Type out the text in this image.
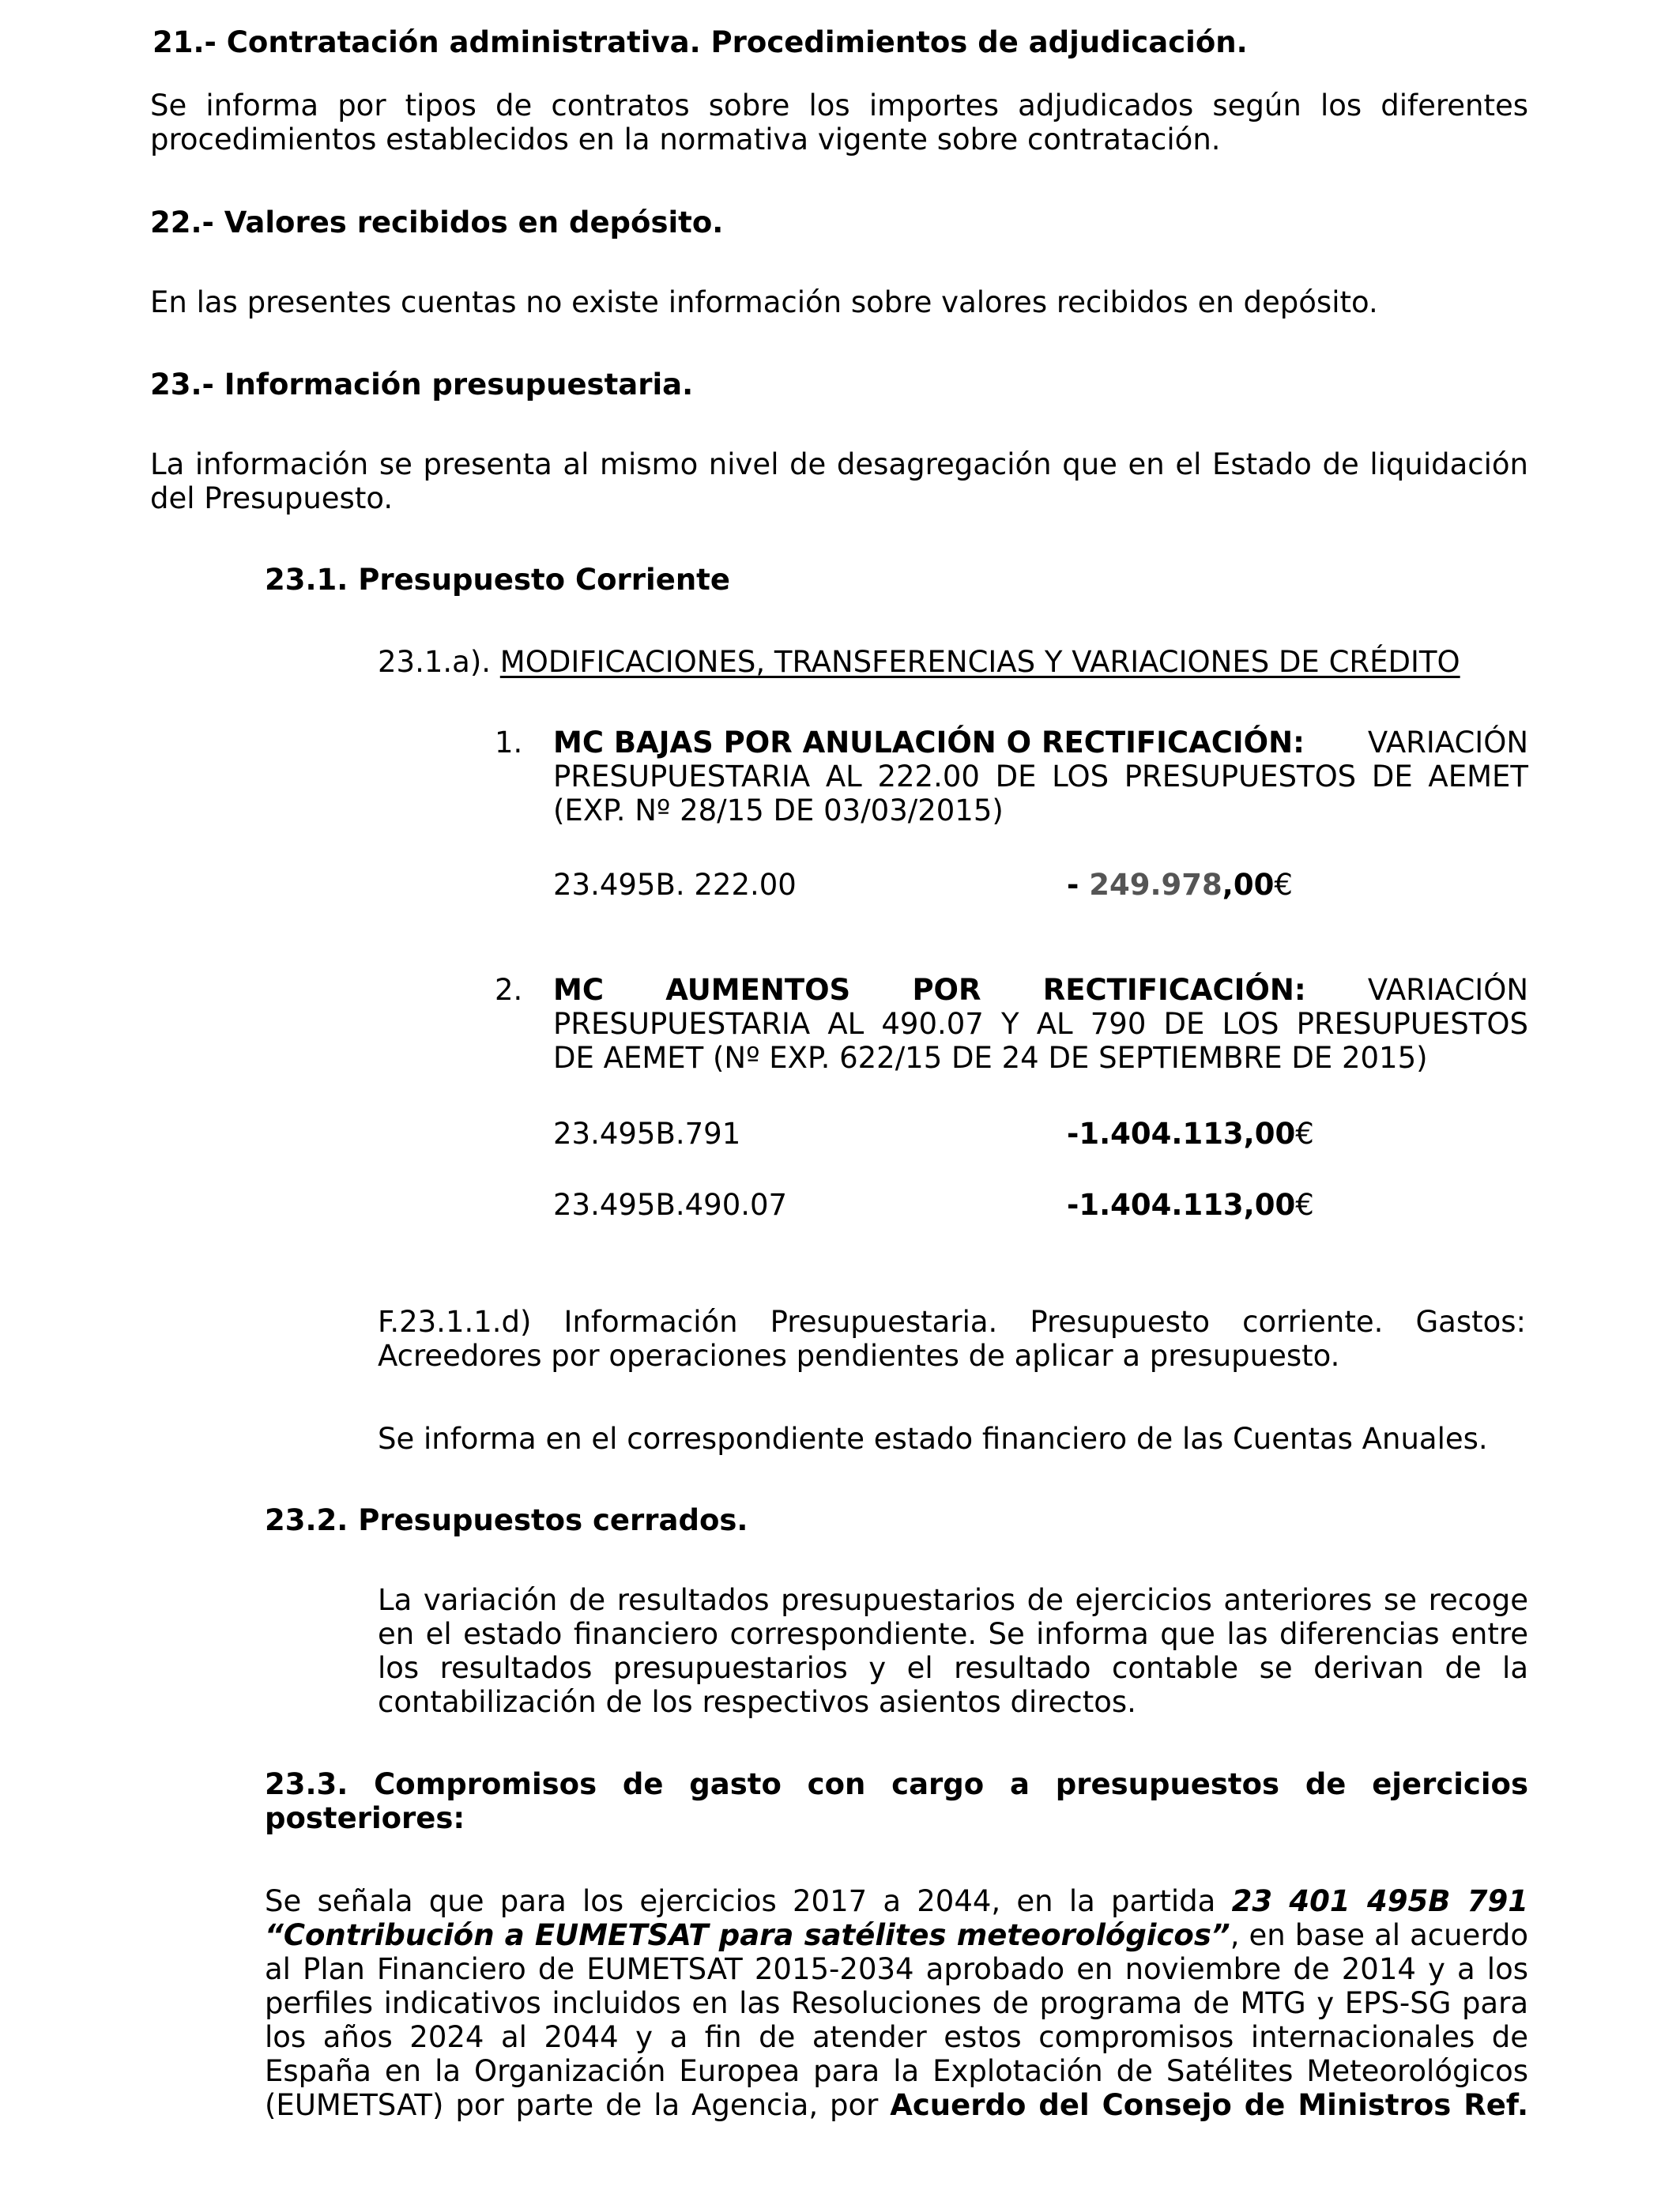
21.- Contratación administrativa. Procedimientos de adjudicación.
Se informa por tipos de contratos sobre los importes adjudicados según los diferentes
procedimientos establecidos en la normativa vigente sobre contratación.
22.- Valores recibidos en depósito.
En las presentes cuentas no existe información sobre valores recibidos en depósito.
23.- Información presupuestaria.
La información se presenta al mismo nivel de desagregación que en el Estado de liquidación
del Presupuesto.
23.1. Presupuesto Corriente
23.1.a). MODIFICACIONES, TRANSFERENCIAS Y VARIACIONES DE CRÉDITO
1. MC BAJAS POR ANULACIÓN O RECTIFICACIÓN: VARIACIÓN
PRESUPUESTARIA AL 222.00 DE LOS PRESUPUESTOS DE AEMET
(EXP. Nº 28/15 DE 03/03/2015)
23.495B. 222.00	- 249.978,00€
2. MC AUMENTOS POR RECTIFICACIÓN: VARIACIÓN
PRESUPUESTARIA AL 490.07 Y AL 790 DE LOS PRESUPUESTOS
DE AEMET (Nº EXP. 622/15 DE 24 DE SEPTIEMBRE DE 2015)
23.495B.791	-1.404.113,00€
23.495B.490.07	-1.404.113,00€
F.23.1.1.d) Información Presupuestaria. Presupuesto corriente. Gastos:
Acreedores por operaciones pendientes de aplicar a presupuesto.
Se informa en el correspondiente estado financiero de las Cuentas Anuales.
23.2. Presupuestos cerrados.
La variación de resultados presupuestarios de ejercicios anteriores se recoge
en el estado financiero correspondiente. Se informa que las diferencias entre
los resultados presupuestarios y el resultado contable se derivan de la
contabilización de los respectivos asientos directos.
23.3. Compromisos de gasto con cargo a presupuestos de ejercicios
posteriores:
Se señala que para los ejercicios 2017 a 2044, en la partida 23 401 495B 791
“Contribución a EUMETSAT para satélites meteorológicos”, en base al acuerdo
al Plan Financiero de EUMETSAT 2015-2034 aprobado en noviembre de 2014 y a los
perfiles indicativos incluidos en las Resoluciones de programa de MTG y EPS-SG para
los años 2024 al 2044 y a fin de atender estos compromisos internacionales de
España en la Organización Europea para la Explotación de Satélites Meteorológicos
(EUMETSAT) por parte de la Agencia, por Acuerdo del Consejo de Ministros Ref.
